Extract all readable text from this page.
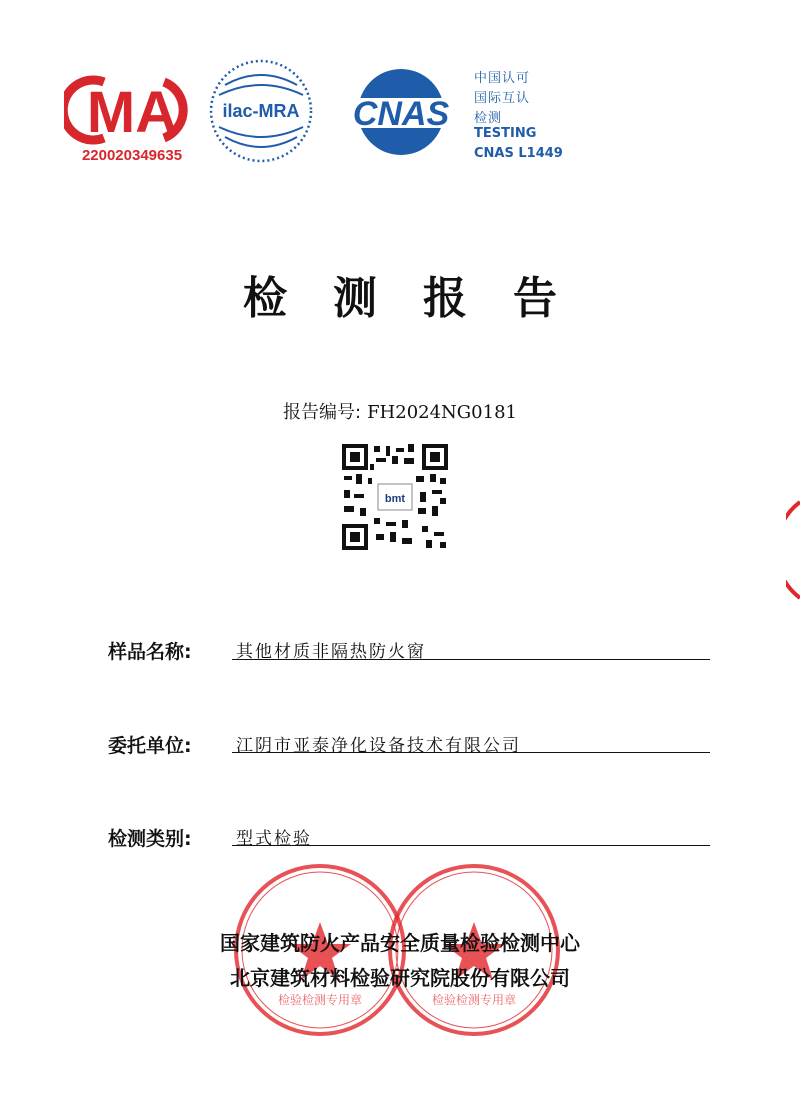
MA
220020349635
ilac-MRA CNAS
中国认可
国际互认
检测
TESTING
CNAS L1449
检测报告
报告编号: FH2024NG0181
bmt
样品名称:	其他材质非隔热防火窗
委托单位:	江阴市亚泰净化设备技术有限公司
检测类别:	型式检验
检验检测专用章	检验检测专用章
国家建筑防火产品安全质量检验检测中心
北京建筑材料检验研究院股份有限公司
